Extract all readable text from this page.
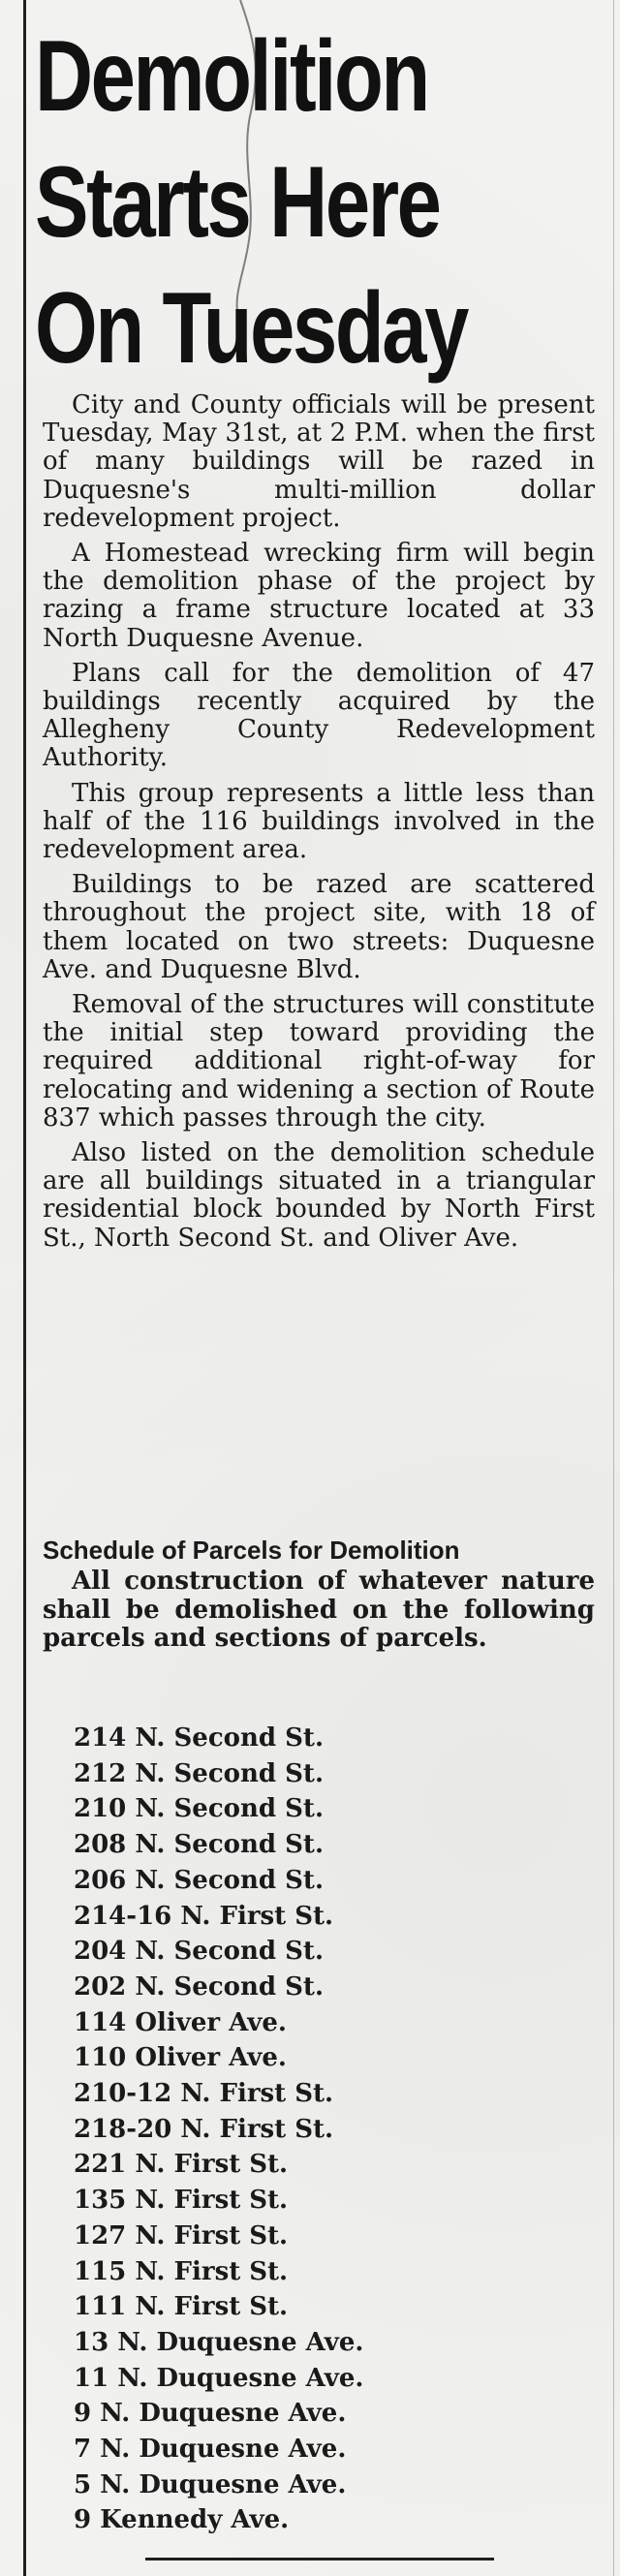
Demolition
Starts Here
On Tuesday

City and County officials will be present Tuesday, May 31st, at 2 P.M. when the first of many buildings will be razed in Duquesne's multi-million dollar redevelopment project.

A Homestead wrecking firm will begin the demolition phase of the project by razing a frame structure located at 33 North Duquesne Avenue.

Plans call for the demolition of 47 buildings recently acquired by the Allegheny County Redevelopment Authority.

This group represents a little less than half of the 116 buildings involved in the redevelopment area.

Buildings to be razed are scattered throughout the project site, with 18 of them located on two streets: Duquesne Ave. and Duquesne Blvd.

Removal of the structures will constitute the initial step toward providing the required additional right-of-way for relocating and widening a section of Route 837 which passes through the city.

Also listed on the demolition schedule are all buildings situated in a triangular residential block bounded by North First St., North Second St. and Oliver Ave.

Schedule of Parcels for Demolition
All construction of whatever nature shall be demolished on the following parcels and sections of parcels.
214 N. Second St.
212 N. Second St.
210 N. Second St.
208 N. Second St.
206 N. Second St.
214-16 N. First St.
204 N. Second St.
202 N. Second St.
114 Oliver Ave.
110 Oliver Ave.
210-12 N. First St.
218-20 N. First St.
221 N. First St.
135 N. First St.
127 N. First St.
115 N. First St.
111 N. First St.
13 N. Duquesne Ave.
11 N. Duquesne Ave.
9 N. Duquesne Ave.
7 N. Duquesne Ave.
5 N. Duquesne Ave.
9 Kennedy Ave.
